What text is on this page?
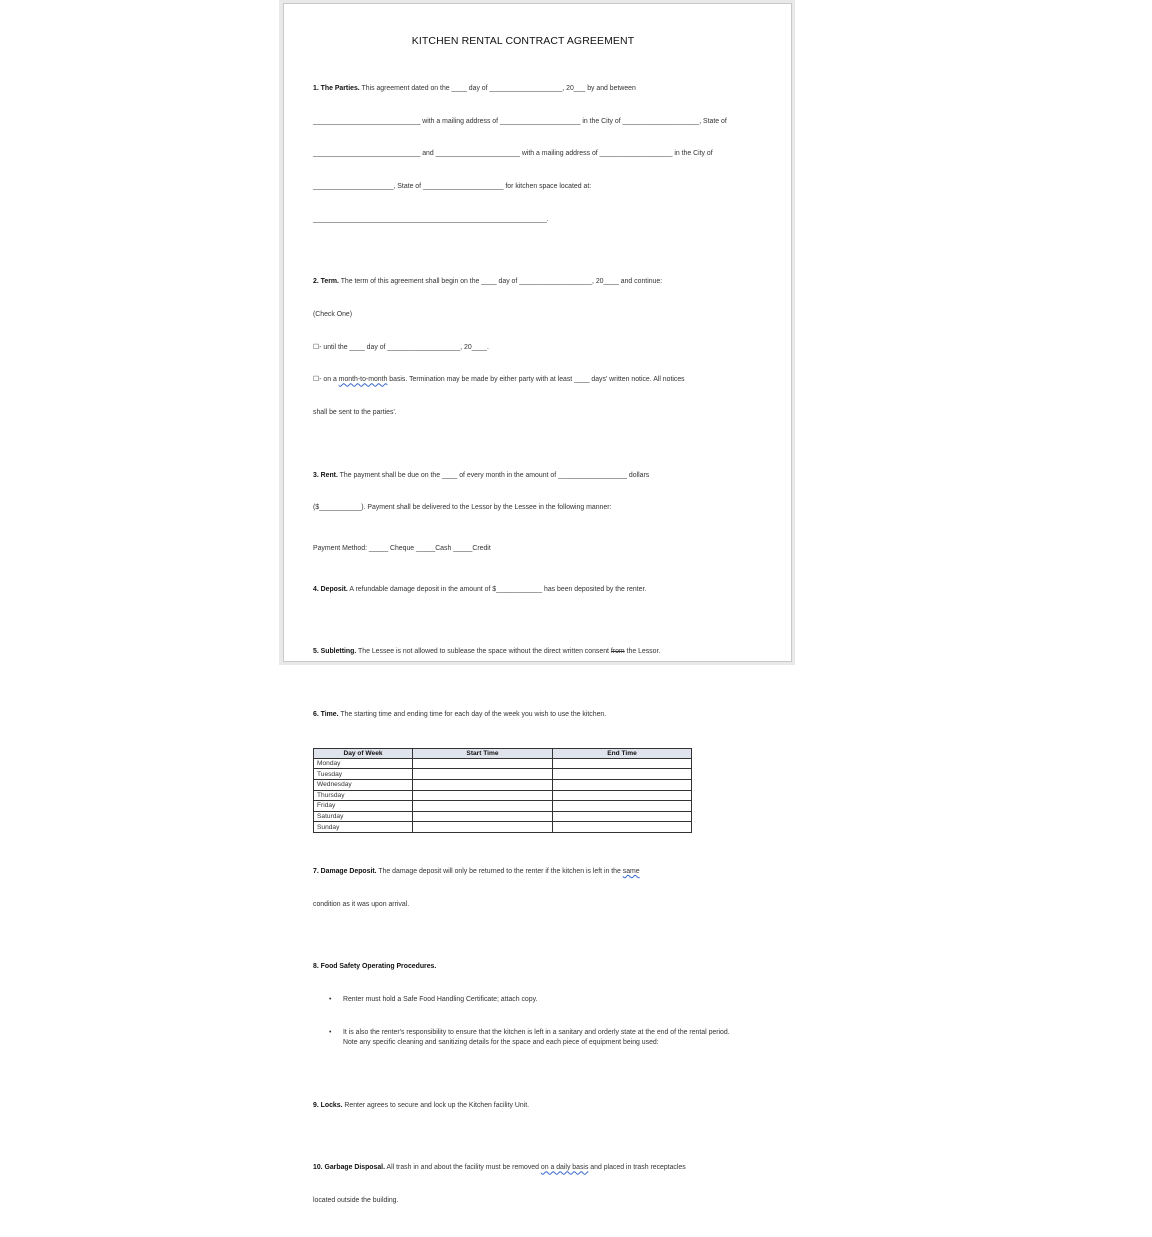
KITCHEN RENTAL CONTRACT AGREEMENT

1. The Parties. This agreement dated on the ____ day of ___________________, 20___ by and between

____________________________ with a mailing address of _____________________ in the City of ____________________, State of

____________________________ and ______________________ with a mailing address of ___________________ in the City of

_____________________, State of _____________________ for kitchen space located at:

_____________________________________________________________.

2. Term. The term of this agreement shall begin on the ____ day of ___________________, 20____ and continue:

(Check One)

☐- until the ____ day of ___________________, 20____.

☐- on a month-to-month basis. Termination may be made by either party with at least ____ days' written notice. All notices

shall be sent to the parties'.

3. Rent. The payment shall be due on the ____ of every month in the amount of __________________ dollars

($___________). Payment shall be delivered to the Lessor by the Lessee in the following manner:

Payment Method: _____ Cheque _____Cash _____Credit

4. Deposit. A refundable damage deposit in the amount of $____________ has been deposited by the renter.

5. Subletting. The Lessee is not allowed to sublease the space without the direct written consent from the Lessor.

6. Time. The starting time and ending time for each day of the week you wish to use the kitchen.

Day of Week	Start Time	End Time
Monday		
Tuesday		
Wednesday		
Thursday		
Friday		
Saturday		
Sunday		

7. Damage Deposit. The damage deposit will only be returned to the renter if the kitchen is left in the same

condition as it was upon arrival.

8. Food Safety Operating Procedures.

• Renter must hold a Safe Food Handling Certificate; attach copy.

• It is also the renter's responsibility to ensure that the kitchen is left in a sanitary and orderly state at the end of the rental period. Note any specific cleaning and sanitizing details for the space and each piece of equipment being used:

9. Locks. Renter agrees to secure and lock up the Kitchen facility Unit.

10. Garbage Disposal. All trash in and about the facility must be removed on a daily basis and placed in trash receptacles

located outside the building.
